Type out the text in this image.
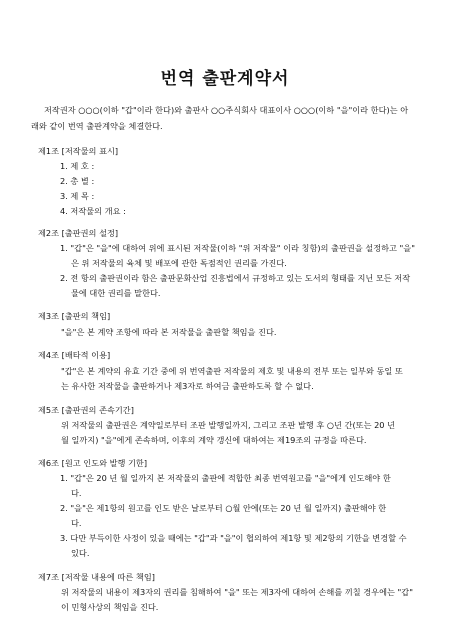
번역 출판계약서
저작권자 ○○○(이하 "갑"이라 한다)와 출판사 ○○주식회사 대표이사 ○○○(이하 "을"이라 한다)는 아
래와 같이 번역 출판계약을 체결한다.
제1조 [저작물의 표시]
1. 제 호 :
2. 총 별 :
3. 제 목 :
4. 저작물의 개요 :
제2조 [출판권의 설정]
1. "갑"은 "을"에 대하여 위에 표시된 저작물(이하 "위 저작물" 이라 칭함)의 출판권을 설정하고 "을"
은 위 저작물의 육체 및 배포에 관한 독점적인 권리를 가진다.
2. 전 항의 출판권이라 함은 출판문화산업 진흥법에서 규정하고 있는 도서의 형태를 지닌 모든 저작
물에 대한 권리를 말한다.
제3조 [출판의 책임]
"을"은 본 계약 조항에 따라 본 저작물을 출판할 책임을 진다.
제4조 [배타적 이용]
"갑"은 본 계약의 유효 기간 중에 위 번역출판 저작물의 제호 및 내용의 전부 또는 일부와 동일 또
는 유사한 저작물을 출판하거나 제3자로 하여금 출판하도록 할 수 없다.
제5조 [출판권의 존속기간]
위 저작물의 출판권은 계약일로부터 조판 발행일까지, 그리고 조판 발행 후 ○년 간(또는 20 년
월 일까지) "을"에게 존속하며, 이후의 계약 갱신에 대하여는 제19조의 규정을 따른다.
제6조 [원고 인도와 발행 기한]
1. "갑"은 20 년 월 일까지 본 저작물의 출판에 적합한 최종 번역원고를 "을"에게 인도해야 한
다.
2. "을"은 제1항의 원고를 인도 받은 날로부터 ○월 안에(또는 20 년 월 일까지) 출판해야 한
다.
3. 다만 부득이한 사정이 있을 때에는 "갑"과 "을"이 협의하여 제1항 및 제2항의 기한을 변경할 수
있다.
제7조 [저작물 내용에 따른 책임]
위 저작물의 내용이 제3자의 권리를 침해하여 "을" 또는 제3자에 대하여 손해를 끼칠 경우에는 "갑"
이 민형사상의 책임을 진다.
